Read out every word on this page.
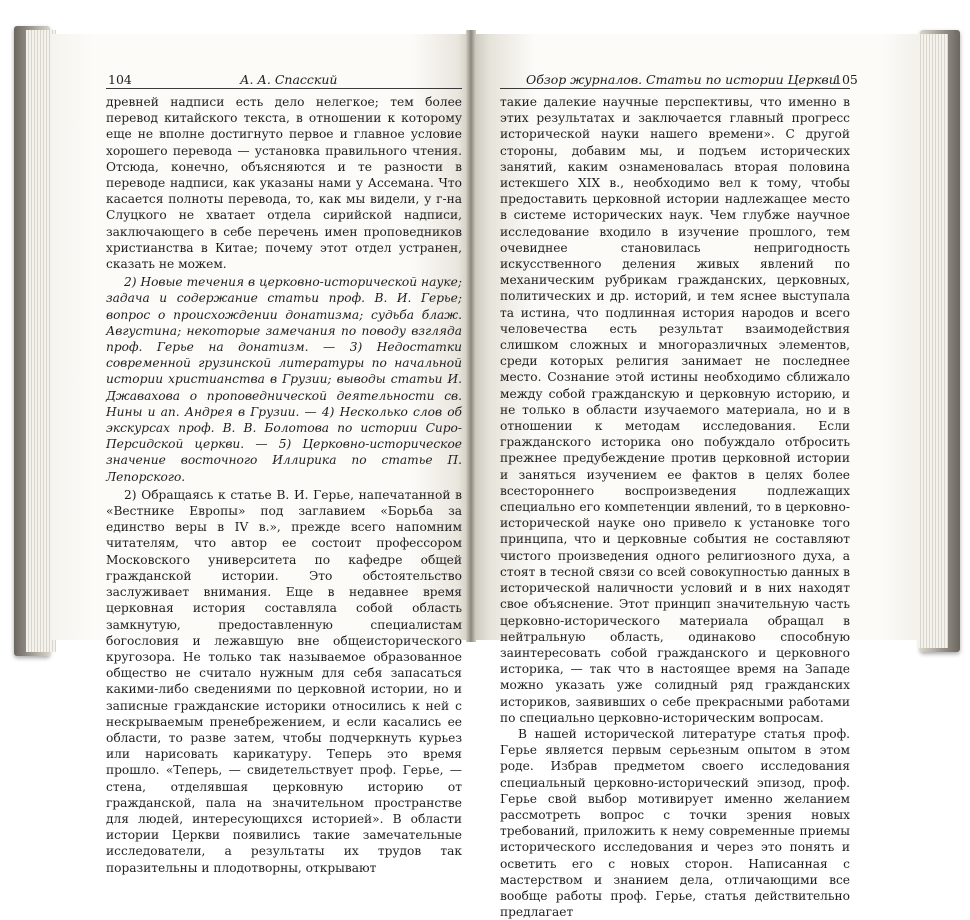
104	А. А. Спасский	Обзор журналов. Статьи по истории Церкви
105

древней надписи есть дело нелегкое; тем более перевод китайского текста, в отношении к которому еще не вполне достигнуто первое и главное условие хорошего перевода — установка правильного чтения. Отсюда, конечно, объясняются и те разности в переводе надписи, как указаны нами у Ассемана. Что касается полноты перевода, то, как мы видели, у г-на Слуцкого не хватает отдела сирийской надписи, заключающего в себе перечень имен проповедников христианства в Китае; почему этот отдел устранен, сказать не можем.

2) Новые течения в церковно-исторической науке; задача и содержание статьи проф. В. И. Герье; вопрос о происхождении донатизма; судьба блаж. Августина; некоторые замечания по поводу взгляда проф. Герье на донатизм. — 3) Недостатки современной грузинской литературы по начальной истории христианства в Грузии; выводы статьи И. Джавахова о проповеднической деятельности св. Нины и ап. Андрея в Грузии. — 4) Несколько слов об экскурсах проф. В. В. Болотова по истории Сиро-Персидской церкви. — 5) Церковно-историческое значение восточного Иллирика по статье П. Лепорского.

2) Обращаясь к статье В. И. Герье, напечатанной в «Вестнике Европы» под заглавием «Борьба за единство веры в IV в.», прежде всего напомним читателям, что автор ее состоит профессором Московского университета по кафедре общей гражданской истории. Это обстоятельство заслуживает внимания. Еще в недавнее время церковная история составляла собой область замкнутую, предоставленную специалистам богословия и лежавшую вне общеисторического кругозора. Не только так называемое образованное общество не считало нужным для себя запасаться какими-либо сведениями по церковной истории, но и записные гражданские историки относились к ней с нескрываемым пренебрежением, и если касались ее области, то разве затем, чтобы подчеркнуть курьез или нарисовать карикатуру. Теперь это время прошло. «Теперь, — свидетельствует проф. Герье, — стена, отделявшая церковную историю от гражданской, пала на значительном пространстве для людей, интересующихся историей». В области истории Церкви появились такие замечательные исследователи, а результаты их трудов так поразительны и плодотворны, открывают

такие далекие научные перспективы, что именно в этих результатах и заключается главный прогресс исторической науки нашего времени». С другой стороны, добавим мы, и подъем исторических занятий, каким ознаменовалась вторая половина истекшего XIX в., необходимо вел к тому, чтобы предоставить церковной истории надлежащее место в системе исторических наук. Чем глубже научное исследование входило в изучение прошлого, тем очевиднее становилась непригодность искусственного деления живых явлений по механическим рубрикам гражданских, церковных, политических и др. историй, и тем яснее выступала та истина, что подлинная история народов и всего человечества есть результат взаимодействия слишком сложных и многоразличных элементов, среди которых религия занимает не последнее место. Сознание этой истины необходимо сближало между собой гражданскую и церковную историю, и не только в области изучаемого материала, но и в отношении к методам исследования. Если гражданского историка оно побуждало отбросить прежнее предубеждение против церковной истории и заняться изучением ее фактов в целях более всестороннего воспроизведения подлежащих специально его компетенции явлений, то в церковно-исторической науке оно привело к установке того принципа, что и церковные события не составляют чистого произведения одного религиозного духа, а стоят в тесной связи со всей совокупностью данных в исторической наличности условий и в них находят свое объяснение. Этот принцип значительную часть церковно-исторического материала обращал в нейтральную область, одинаково способную заинтересовать собой гражданского и церковного историка, — так что в настоящее время на Западе можно указать уже солидный ряд гражданских историков, заявивших о себе прекрасными работами по специально церковно-историческим вопросам.

В нашей исторической литературе статья проф. Герье является первым серьезным опытом в этом роде. Избрав предметом своего исследования специальный церковно-исторический эпизод, проф. Герье свой выбор мотивирует именно желанием рассмотреть вопрос с точки зрения новых требований, приложить к нему современные приемы исторического исследования и через это понять и осветить его с новых сторон. Написанная с мастерством и знанием дела, отличающими все вообще работы проф. Герье, статья действительно предлагает
